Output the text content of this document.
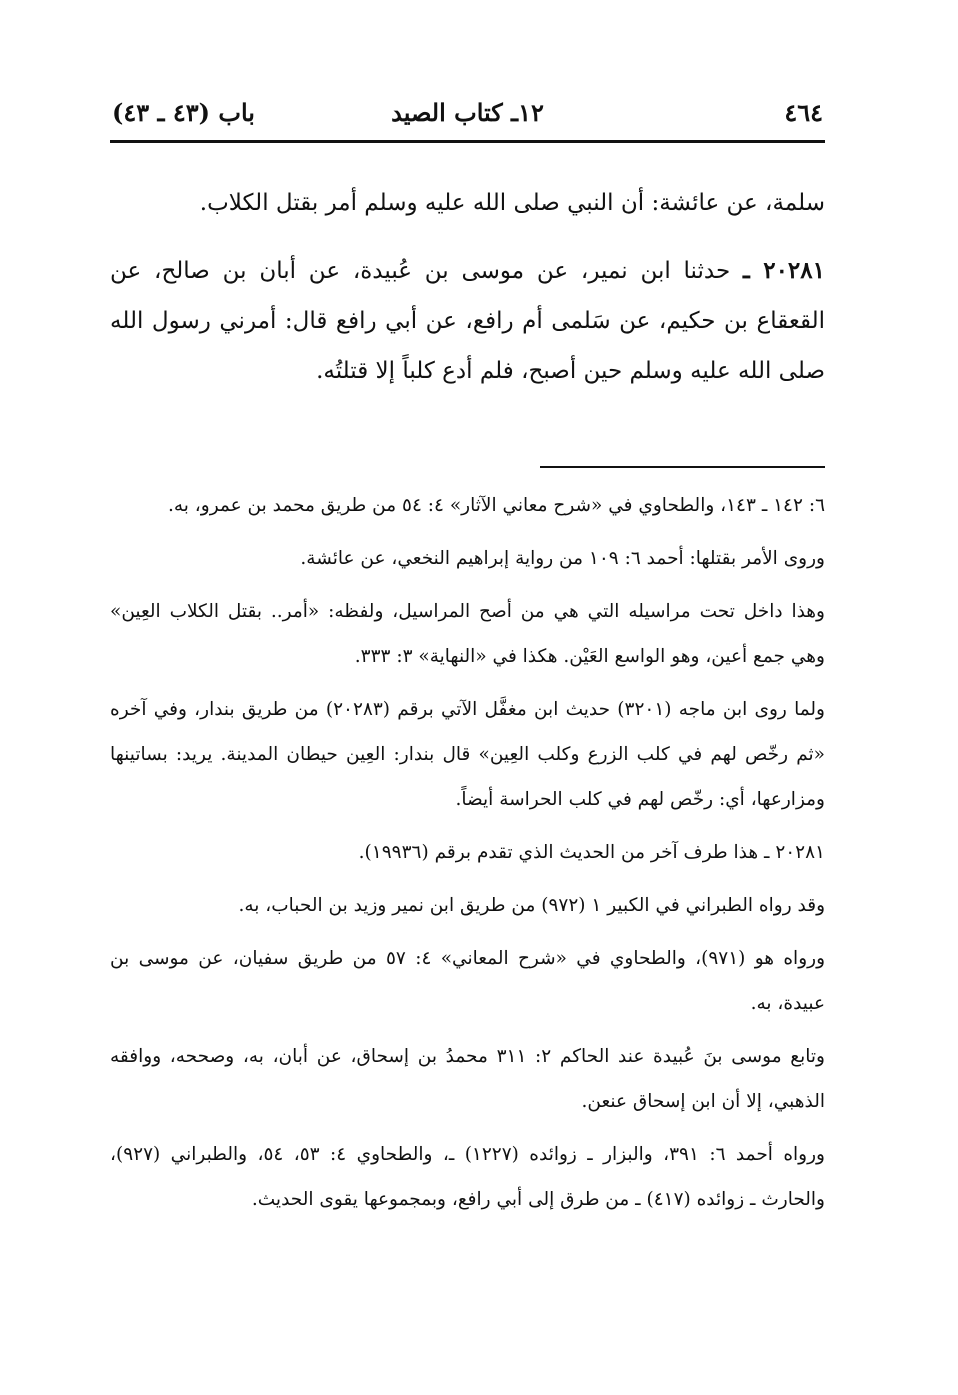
٤٦٤
١٢ـ كتاب الصيد
باب (٤٣ ـ ٤٣)

سلمة، عن عائشة: أن النبي صلى الله عليه وسلم أمر بقتل الكلاب.

٢٠٢٨١ ـ حدثنا ابن نمير، عن موسى بن عُبيدة، عن أبان بن صالح، عن القعقاع بن حكيم، عن سَلمى أم رافع، عن أبي رافع قال: أمرني رسول الله صلى الله عليه وسلم حين أصبح، فلم أدع كلباً إلا قتلتُه.

٦: ١٤٢ ـ ١٤٣، والطحاوي في «شرح معاني الآثار» ٤: ٥٤ من طريق محمد بن عمرو، به.

وروى الأمر بقتلها: أحمد ٦: ١٠٩ من رواية إبراهيم النخعي، عن عائشة.

وهذا داخل تحت مراسيله التي هي من أصح المراسيل، ولفظه: «أمر.. بقتل الكلاب العِين» وهي جمع أعين، وهو الواسع العَيْن. هكذا في «النهاية» ٣: ٣٣٣.

ولما روى ابن ماجه (٣٢٠١) حديث ابن مغفَّل الآتي برقم (٢٠٢٨٣) من طريق بندار، وفي آخره «ثم رخّص لهم في كلب الزرع وكلب العِين» قال بندار: العِين حيطان المدينة. يريد: بساتينها ومزارعها، أي: رخّص لهم في كلب الحراسة أيضاً.

٢٠٢٨١ ـ هذا طرف آخر من الحديث الذي تقدم برقم (١٩٩٣٦).

وقد رواه الطبراني في الكبير ١ (٩٧٢) من طريق ابن نمير وزيد بن الحباب، به.

ورواه هو (٩٧١)، والطحاوي في «شرح المعاني» ٤: ٥٧ من طريق سفيان، عن موسى بن عبيدة، به.

وتابع موسى بنَ عُبيدة عند الحاكم ٢: ٣١١ محمدُ بن إسحاق، عن أبان، به، وصححه، ووافقه الذهبي، إلا أن ابن إسحاق عنعن.

ورواه أحمد ٦: ٣٩١، والبزار ـ زوائده (١٢٢٧) ـ، والطحاوي ٤: ٥٣، ٥٤، والطبراني (٩٢٧)، والحارث ـ زوائده (٤١٧) ـ من طرق إلى أبي رافع، وبمجموعها يقوى الحديث.
